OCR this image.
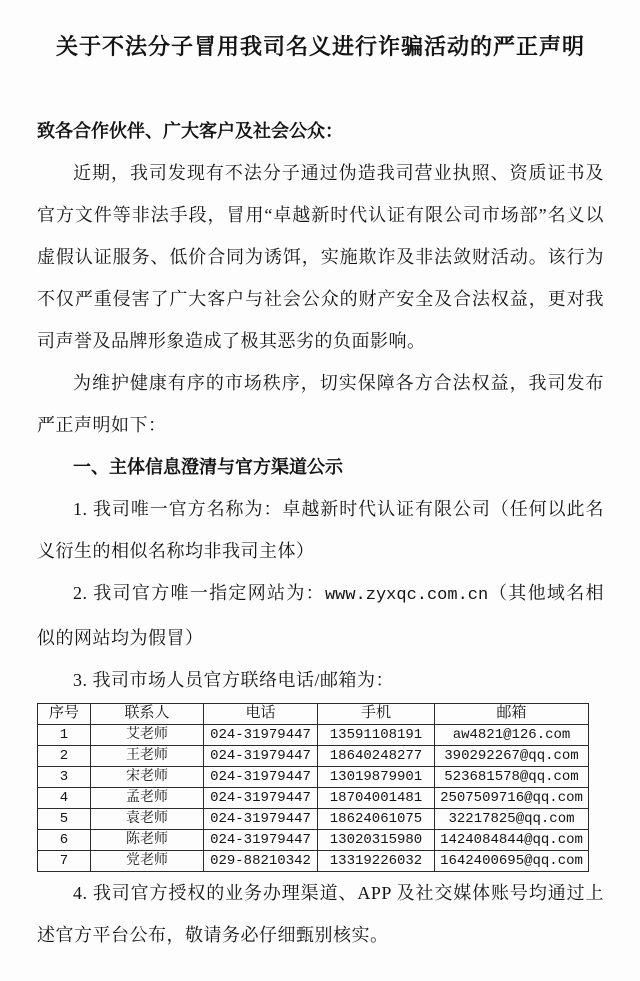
关于不法分子冒用我司名义进行诈骗活动的严正声明

致各合作伙伴、广大客户及社会公众：

近期，我司发现有不法分子通过伪造我司营业执照、资质证书及官方文件等非法手段，冒用“卓越新时代认证有限公司市场部”名义以虚假认证服务、低价合同为诱饵，实施欺诈及非法敛财活动。该行为不仅严重侵害了广大客户与社会公众的财产安全及合法权益，更对我司声誉及品牌形象造成了极其恶劣的负面影响。

为维护健康有序的市场秩序，切实保障各方合法权益，我司发布严正声明如下：

一、主体信息澄清与官方渠道公示

1. 我司唯一官方名称为：卓越新时代认证有限公司（任何以此名义衍生的相似名称均非我司主体）

2. 我司官方唯一指定网站为：www.zyxqc.com.cn（其他域名相似的网站均为假冒）

3. 我司市场人员官方联络电话/邮箱为：

序号	联系人	电话	手机	邮箱
1	艾老师	024-31979447	13591108191	aw4821@126.com
2	王老师	024-31979447	18640248277	390292267@qq.com
3	宋老师	024-31979447	13019879901	523681578@qq.com
4	孟老师	024-31979447	18704001481	2507509716@qq.com
5	袁老师	024-31979447	18624061075	32217825@qq.com
6	陈老师	024-31979447	13020315980	1424084844@qq.com
7	党老师	029-88210342	13319226032	1642400695@qq.com

4. 我司官方授权的业务办理渠道、APP 及社交媒体账号均通过上述官方平台公布，敬请务必仔细甄别核实。
